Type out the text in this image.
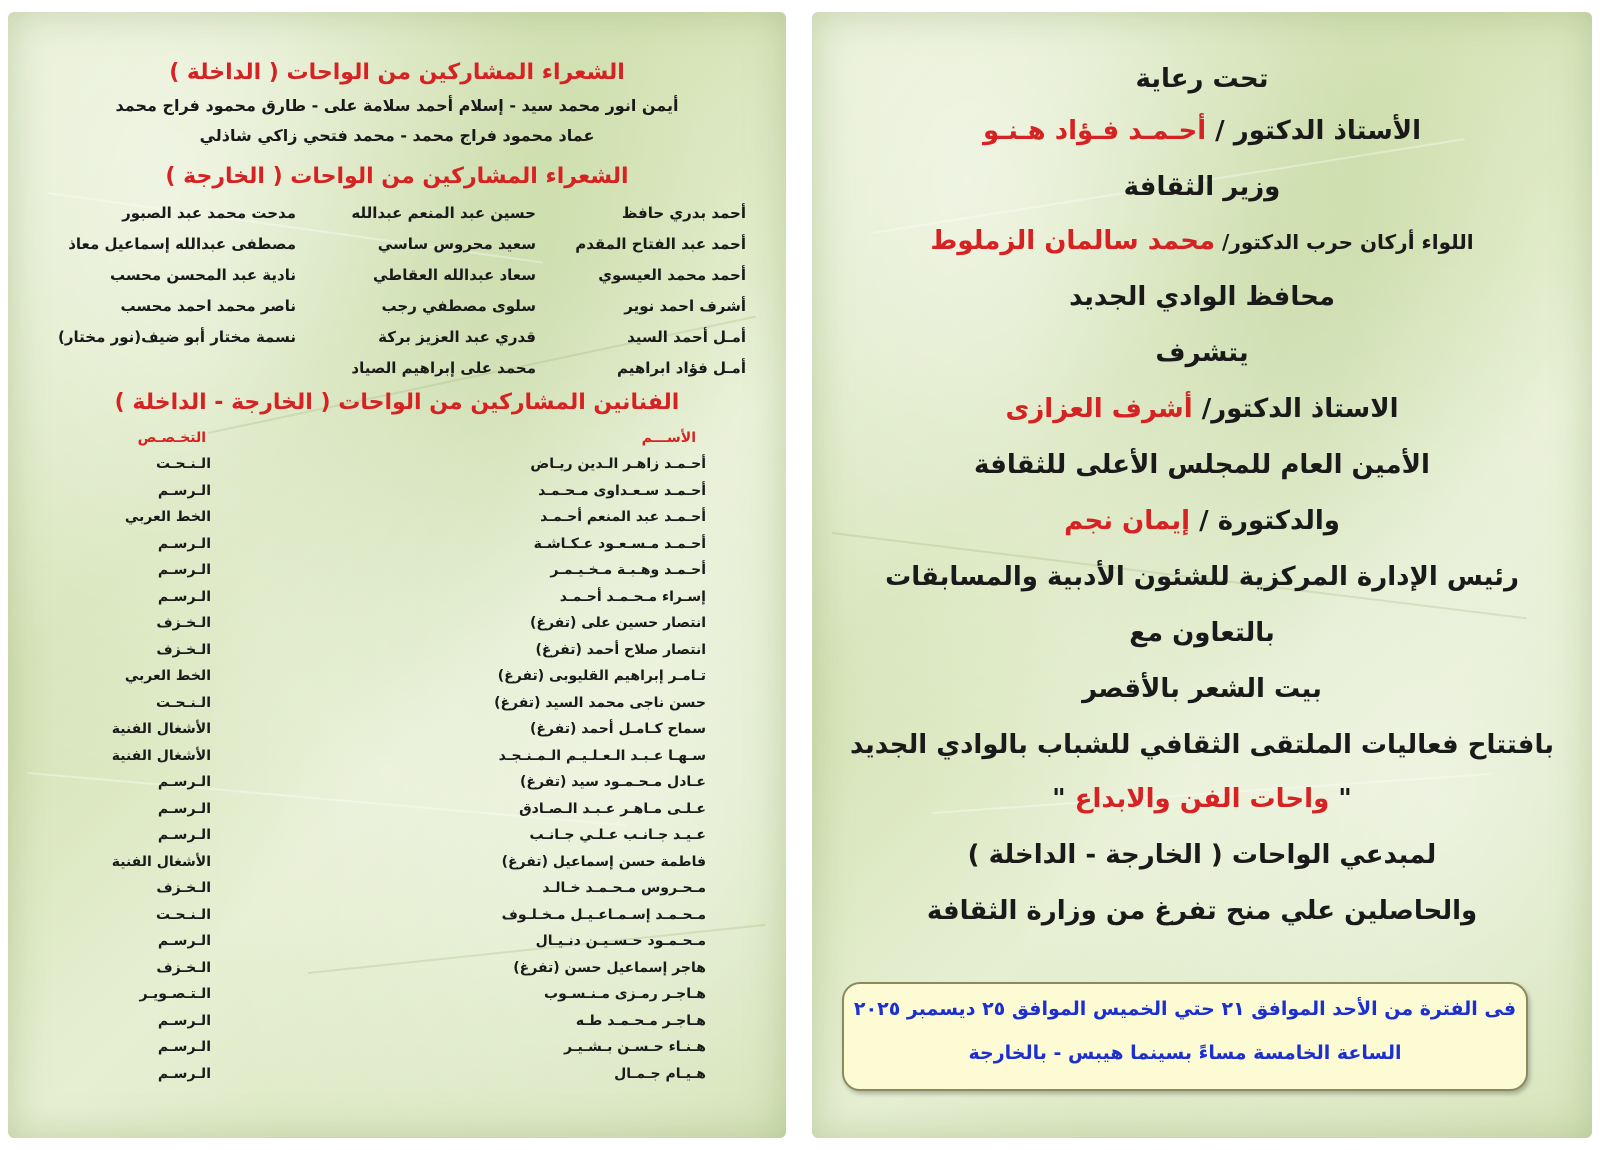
الشعراء المشاركين من الواحات ( الداخلة )
أيمن انور محمد سيد - إسلام أحمد سلامة على - طارق محمود فراج محمد
عماد محمود فراج محمد - محمد فتحي زاكي شاذلي
الشعراء المشاركين من الواحات ( الخارجة )
أحمد بدري حافظ
أحمد عبد الفتاح المقدم
أحمد محمد العيسوي
أشرف احمد نوير
أمـل أحمد السيد
أمـل فؤاد ابراهيم
حسين عبد المنعم عبدالله
سعيد محروس ساسي
سعاد عبدالله العقاطي
سلوى مصطفي رجب
قدري عبد العزيز بركة
محمد على إبراهيم الصياد
مدحت محمد عبد الصبور
مصطفى عبدالله إسماعيل معاذ
نادية عبد المحسن محسب
ناصر محمد احمد محسب
نسمة مختار أبو ضيف(نور مختار)
الفنانين المشاركين من الواحات ( الخارجة - الداخلة )
الأســـم
التخـصـص
أحـمـد زاهـر الـدين ريـاض
الـنـحـت
أحـمـد سـعـداوى مـحـمـد
الـرسـم
أحـمـد عبد المنعم أحـمـد
الخط العربي
أحـمـد مـسـعـود عـكـاشـة
الـرسـم
أحـمـد وهـبـة مـخـيـمـر
الـرسـم
إسـراء مـحـمـد أحـمـد
الـرسـم
انتصار حسين على (تفرغ)
الـخـزف
انتصار صلاح أحمد (تفرغ)
الـخـزف
تـامـر إبراهيم القليوبى (تفرغ)
الخط العربي
حسن ناجى محمد السيد (تفرغ)
الـنـحـت
سماح كـامـل أحمد (تفرغ)
الأشغال الفنية
سـهـا عـبـد الـعـلـيـم الـمـنـجـد
الأشغال الفنية
عـادل مـحـمـود سيد (تفرغ)
الـرسـم
عـلـى مـاهـر عـبـد الـصـادق
الـرسـم
عـيـد جـانـب عـلـي جـانـب
الـرسـم
فاطمة حسن إسماعيل (تفرغ)
الأشغال الفنية
مـحـروس مـحـمـد خـالـد
الـخـزف
مـحـمـد إسـمـاعـيـل مـخـلـوف
الـنـحـت
مـحـمـود حـسـيـن دنـيـال
الـرسـم
هاجر إسماعيل حسن (تفرغ)
الـخـزف
هـاجـر رمـزى مـنـسـوب
الـتـصـويـر
هـاجـر مـحـمـد طـه
الـرسـم
هـنـاء حـسـن بـشـيـر
الـرسـم
هـيـام جـمـال
الـرسـم
تحت رعاية
الأستاذ الدكتور / أحـمـد فـؤاد هـنـو
وزير الثقافة
اللواء أركان حرب الدكتور/ محمد سالمان الزملوط
محافظ الوادي الجديد
يتشرف
الاستاذ الدكتور/ أشرف العزازى
الأمين العام للمجلس الأعلى للثقافة
والدكتورة / إيمان نجم
رئيس الإدارة المركزية للشئون الأدبية والمسابقات
بالتعاون مع
بيت الشعر بالأقصر
بافتتاح فعاليات الملتقى الثقافي للشباب بالوادي الجديد
" واحات الفن والابداع "
لمبدعي الواحات ( الخارجة - الداخلة )
والحاصلين علي منح تفرغ من وزارة الثقافة
فى الفترة من الأحد الموافق ٢١ حتي الخميس الموافق ٢٥ ديسمبر ٢٠٢٥
الساعة الخامسة مساءً بسينما هيبس - بالخارجة
